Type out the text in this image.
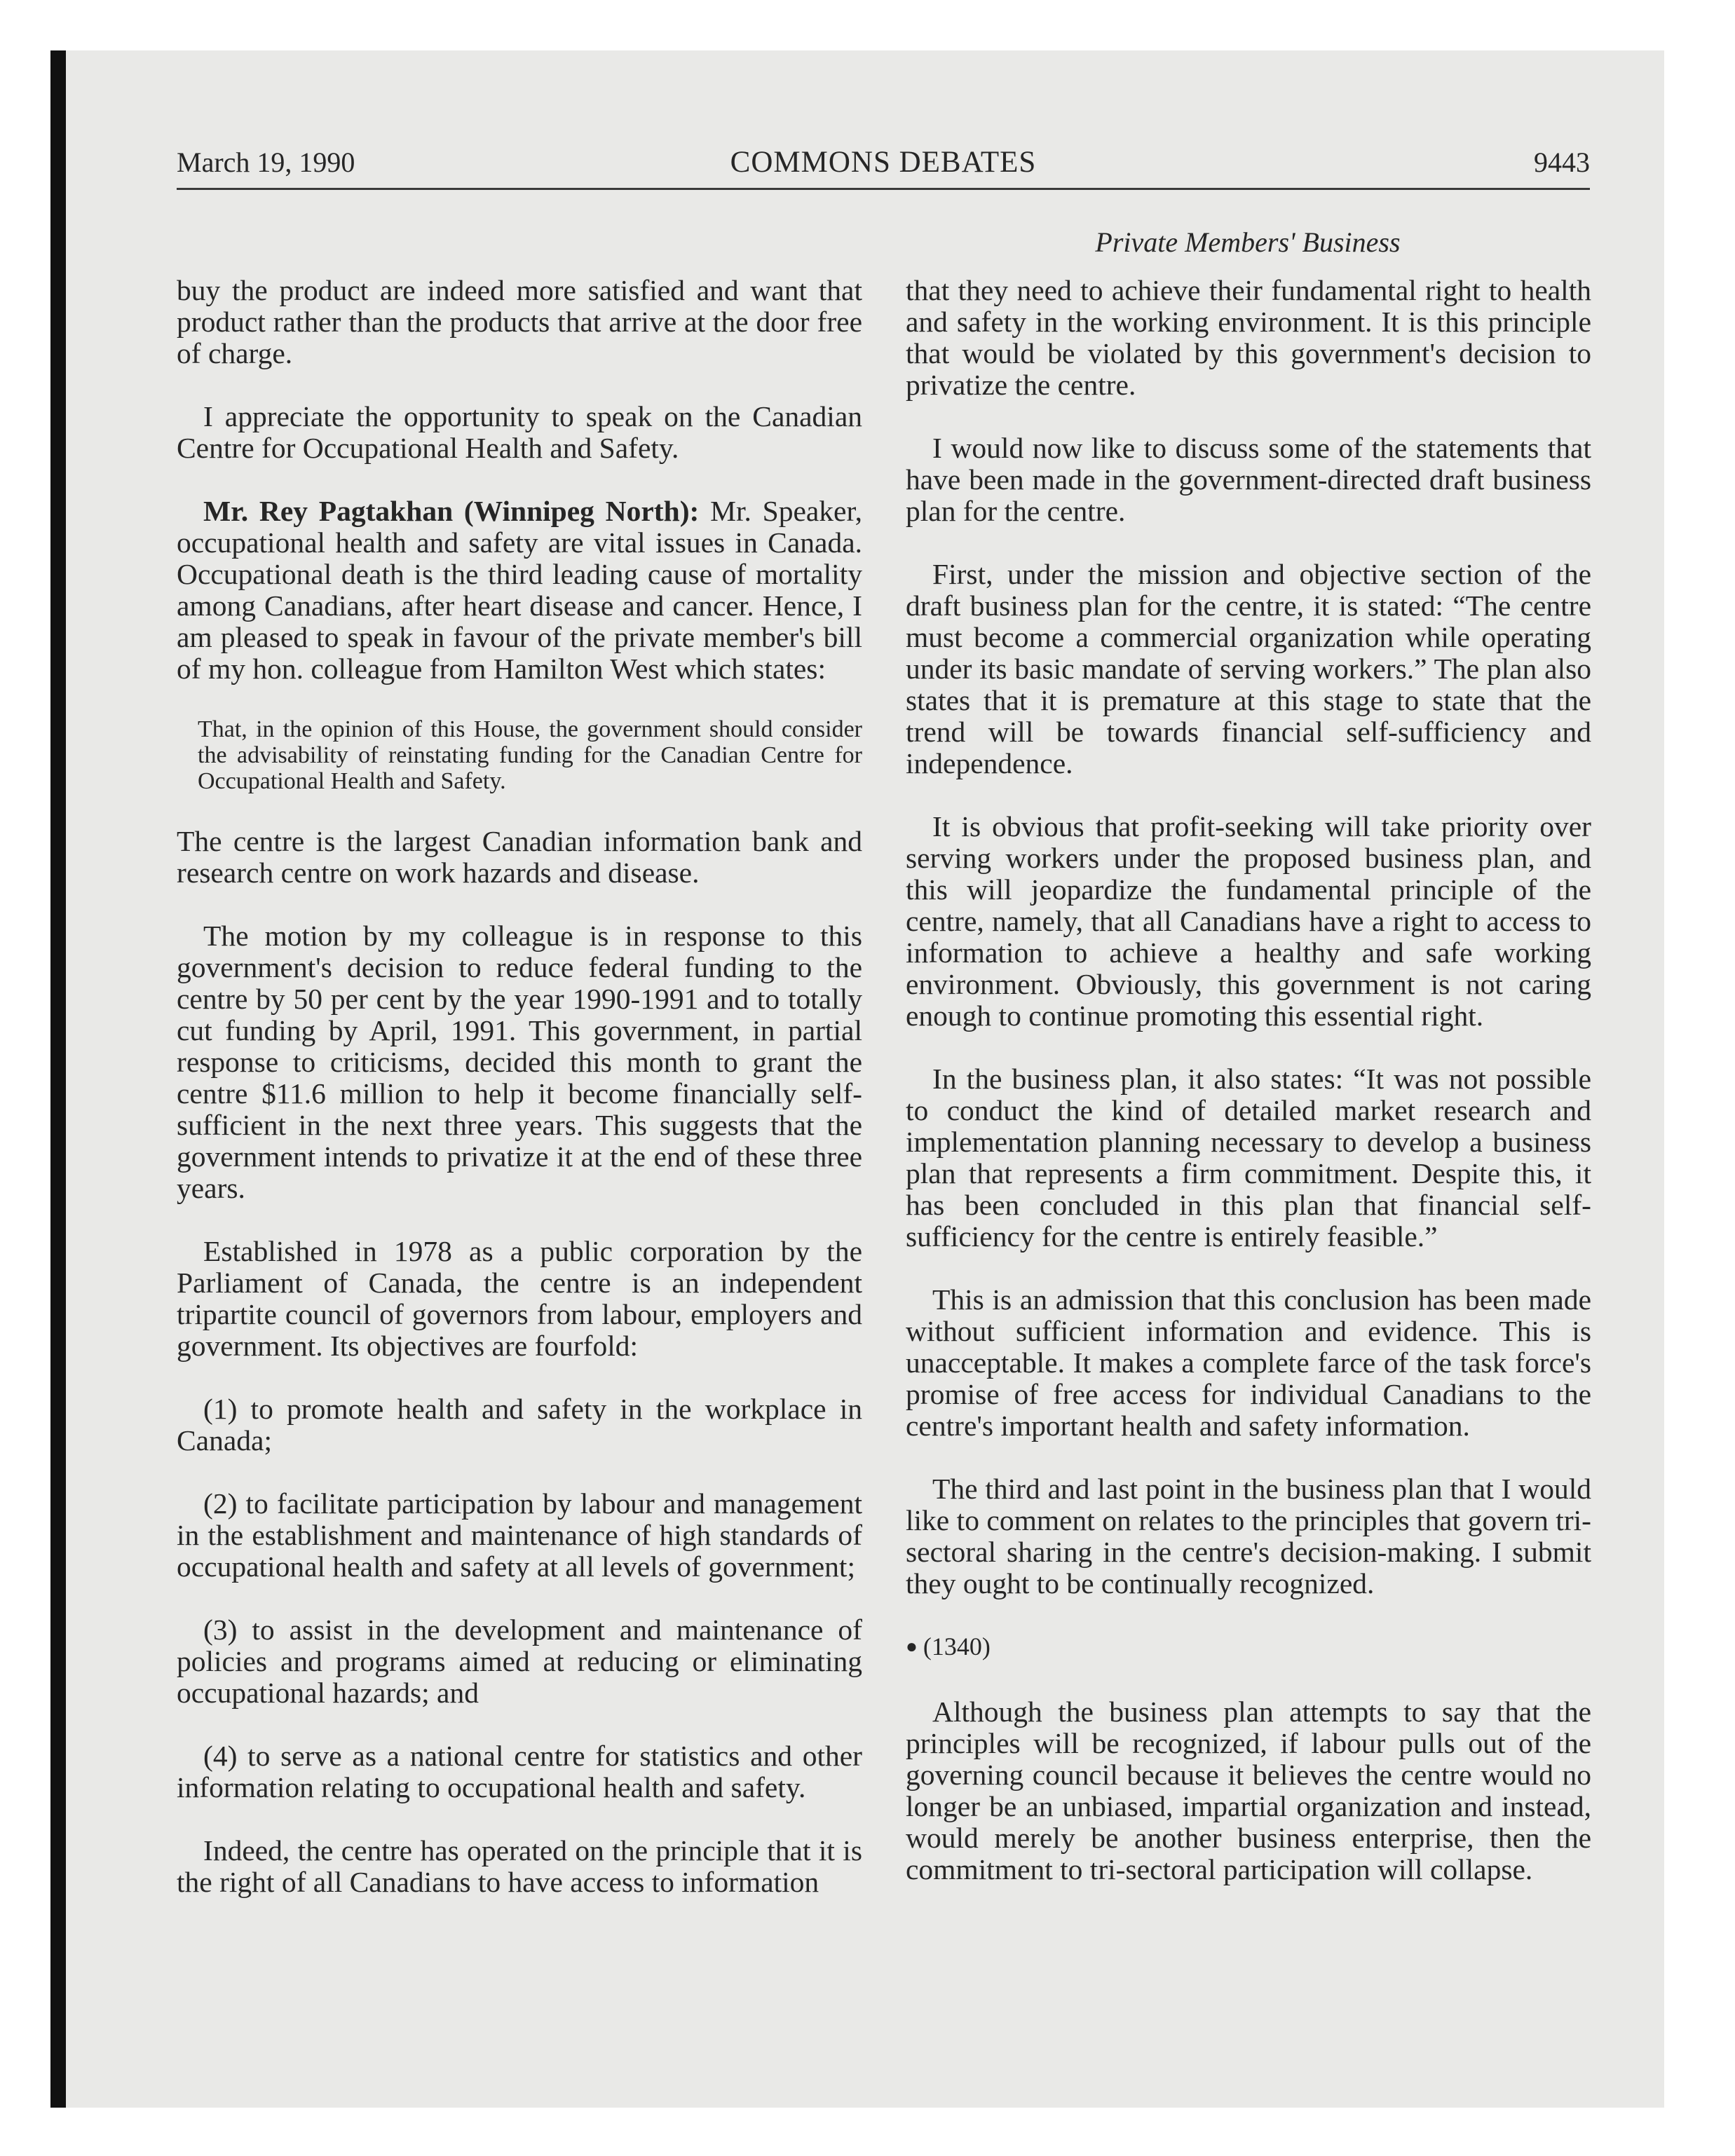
March 19, 1990	COMMONS DEBATES	9443
Private Members' Business

buy the product are indeed more satisfied and want that product rather than the products that arrive at the door free of charge.

I appreciate the opportunity to speak on the Canadian Centre for Occupational Health and Safety.

Mr. Rey Pagtakhan (Winnipeg North): Mr. Speaker, occupational health and safety are vital issues in Canada. Occupational death is the third leading cause of mortality among Canadians, after heart disease and cancer. Hence, I am pleased to speak in favour of the private member's bill of my hon. colleague from Hamilton West which states:

That, in the opinion of this House, the government should consider the advisability of reinstating funding for the Canadian Centre for Occupational Health and Safety.

The centre is the largest Canadian information bank and research centre on work hazards and disease.

The motion by my colleague is in response to this government's decision to reduce federal funding to the centre by 50 per cent by the year 1990-1991 and to totally cut funding by April, 1991. This government, in partial response to criticisms, decided this month to grant the centre $11.6 million to help it become financially self-sufficient in the next three years. This suggests that the government intends to privatize it at the end of these three years.

Established in 1978 as a public corporation by the Parliament of Canada, the centre is an independent tripartite council of governors from labour, employers and government. Its objectives are fourfold:

(1) to promote health and safety in the workplace in Canada;

(2) to facilitate participation by labour and management in the establishment and maintenance of high standards of occupational health and safety at all levels of government;

(3) to assist in the development and maintenance of policies and programs aimed at reducing or eliminating occupational hazards; and

(4) to serve as a national centre for statistics and other information relating to occupational health and safety.

Indeed, the centre has operated on the principle that it is the right of all Canadians to have access to information

that they need to achieve their fundamental right to health and safety in the working environment. It is this principle that would be violated by this government's decision to privatize the centre.

I would now like to discuss some of the statements that have been made in the government-directed draft business plan for the centre.

First, under the mission and objective section of the draft business plan for the centre, it is stated: “The centre must become a commercial organization while operating under its basic mandate of serving workers.” The plan also states that it is premature at this stage to state that the trend will be towards financial self-sufficiency and independence.

It is obvious that profit-seeking will take priority over serving workers under the proposed business plan, and this will jeopardize the fundamental principle of the centre, namely, that all Canadians have a right to access to information to achieve a healthy and safe working environment. Obviously, this government is not caring enough to continue promoting this essential right.

In the business plan, it also states: “It was not possible to conduct the kind of detailed market research and implementation planning necessary to develop a business plan that represents a firm commitment. Despite this, it has been concluded in this plan that financial self-sufficiency for the centre is entirely feasible.”

This is an admission that this conclusion has been made without sufficient information and evidence. This is unacceptable. It makes a complete farce of the task force's promise of free access for individual Canadians to the centre's important health and safety information.

The third and last point in the business plan that I would like to comment on relates to the principles that govern tri-sectoral sharing in the centre's decision-making. I submit they ought to be continually recognized.

● (1340)

Although the business plan attempts to say that the principles will be recognized, if labour pulls out of the governing council because it believes the centre would no longer be an unbiased, impartial organization and instead, would merely be another business enterprise, then the commitment to tri-sectoral participation will collapse.
